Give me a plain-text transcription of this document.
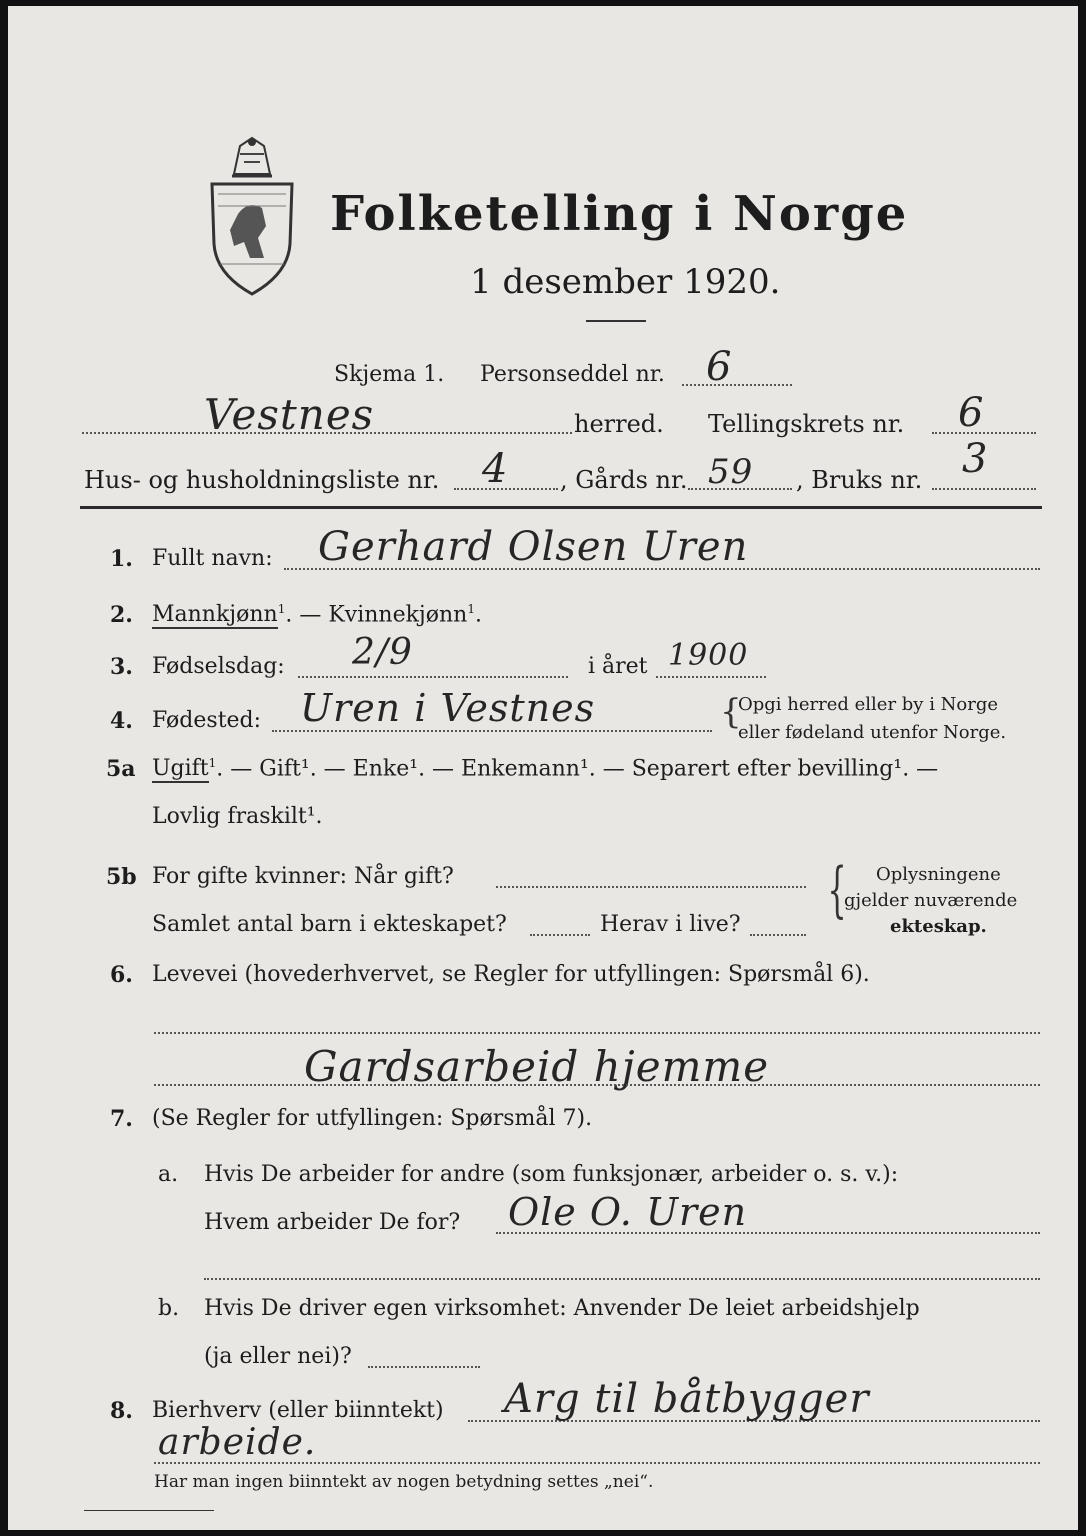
Folketelling i Norge
1 desember 1920.
Skjema 1. Personseddel nr. 6
Vestnes	herred. Tellingskrets nr. 6
Hus- og husholdningsliste nr. 4 , Gårds nr. 59 , Bruks nr. 3
1. Fullt navn: Gerhard Olsen Uren
2. Mannkjønn$^1$. — Kvinnekjønn$^1$.
3. Fødselsdag: 2/9	i året 1900
4. Fødested: Uren i Vestnes	{
Opgi herred eller by i Norge
eller fødeland utenfor Norge.
5a Ugift$^1$. — Gift¹. — Enke¹. — Enkemann¹. — Separert efter bevilling¹. —
Lovlig fraskilt¹.
5b For gifte kvinner: Når gift?
Samlet antal barn i ekteskapet?	Herav i live? { Oplysningene
gjelder nuværende
ekteskap.
6. Levevei (hovederhvervet, se Regler for utfyllingen: Spørsmål 6).
Gardsarbeid hjemme
7. (Se Regler for utfyllingen: Spørsmål 7).
a. Hvis De arbeider for andre (som funksjonær, arbeider o. s. v.):
Hvem arbeider De for? Ole O. Uren
b. Hvis De driver egen virksomhet: Anvender De leiet arbeidshjelp
(ja eller nei)?
8. Bierhverv (eller biinntekt) Arg til båtbygger
arbeide.
Har man ingen biinntekt av nogen betydning settes „nei“.
